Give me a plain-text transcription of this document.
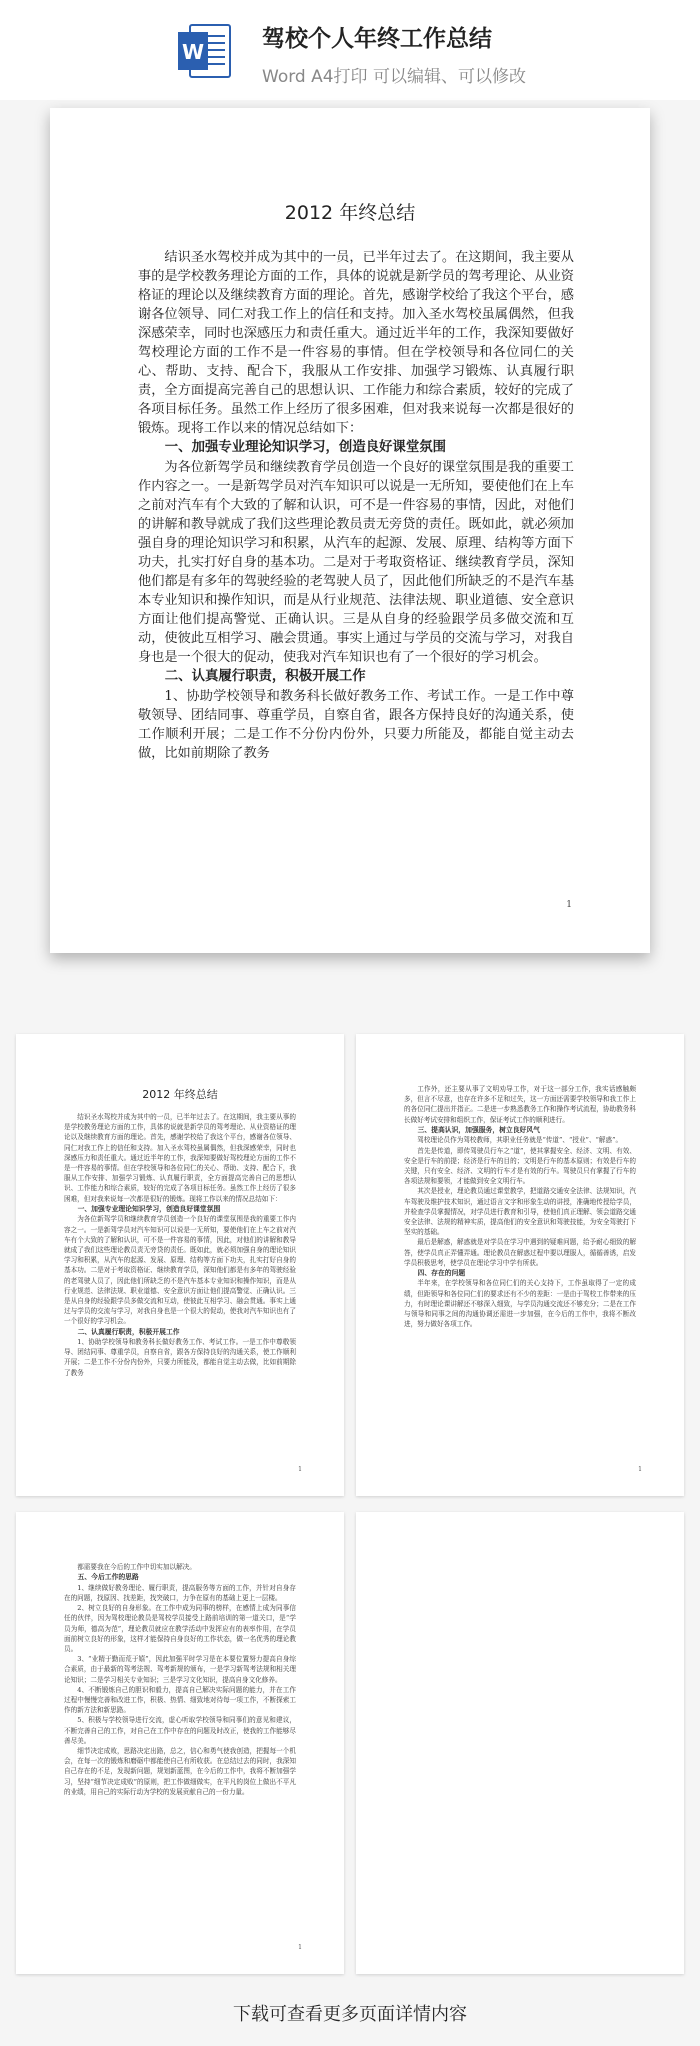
W	驾校个人年终工作总结
Word A4打印 可以编辑、可以修改
2012 年终总结

结识圣水驾校并成为其中的一员，已半年过去了。在这期间，我主要从事的是学校教务理论方面的工作，具体的说就是新学员的驾考理论、从业资格证的理论以及继续教育方面的理论。首先，感谢学校给了我这个平台，感谢各位领导、同仁对我工作上的信任和支持。加入圣水驾校虽属偶然，但我深感荣幸，同时也深感压力和责任重大。通过近半年的工作，我深知要做好驾校理论方面的工作不是一件容易的事情。但在学校领导和各位同仁的关心、帮助、支持、配合下，我服从工作安排、加强学习锻炼、认真履行职责，全方面提高完善自己的思想认识、工作能力和综合素质，较好的完成了各项目标任务。虽然工作上经历了很多困难，但对我来说每一次都是很好的锻炼。现将工作以来的情况总结如下：

一、加强专业理论知识学习，创造良好课堂氛围

为各位新驾学员和继续教育学员创造一个良好的课堂氛围是我的重要工作内容之一。一是新驾学员对汽车知识可以说是一无所知，要使他们在上车之前对汽车有个大致的了解和认识，可不是一件容易的事情，因此，对他们的讲解和教导就成了我们这些理论教员责无旁贷的责任。既如此，就必须加强自身的理论知识学习和积累，从汽车的起源、发展、原理、结构等方面下功夫，扎实打好自身的基本功。二是对于考取资格证、继续教育学员，深知他们都是有多年的驾驶经验的老驾驶人员了，因此他们所缺乏的不是汽车基本专业知识和操作知识，而是从行业规范、法律法规、职业道德、安全意识方面让他们提高警觉、正确认识。三是从自身的经验跟学员多做交流和互动，使彼此互相学习、融会贯通。事实上通过与学员的交流与学习，对我自身也是一个很大的促动，使我对汽车知识也有了一个很好的学习机会。

二、认真履行职责，积极开展工作

1、协助学校领导和教务科长做好教务工作、考试工作。一是工作中尊敬领导、团结同事、尊重学员，自察自省，跟各方保持良好的沟通关系，使工作顺利开展；二是工作不分份内份外，只要力所能及，都能自觉主动去做，比如前期除了教务

1
2012 年终总结

结识圣水驾校并成为其中的一员，已半年过去了。在这期间，我主要从事的是学校教务理论方面的工作，具体的说就是新学员的驾考理论、从业资格证的理论以及继续教育方面的理论。首先，感谢学校给了我这个平台，感谢各位领导、同仁对我工作上的信任和支持。加入圣水驾校虽属偶然，但我深感荣幸，同时也深感压力和责任重大。通过近半年的工作，我深知要做好驾校理论方面的工作不是一件容易的事情。但在学校领导和各位同仁的关心、帮助、支持、配合下，我服从工作安排、加强学习锻炼、认真履行职责，全方面提高完善自己的思想认识、工作能力和综合素质，较好的完成了各项目标任务。虽然工作上经历了很多困难，但对我来说每一次都是很好的锻炼。现将工作以来的情况总结如下：

一、加强专业理论知识学习，创造良好课堂氛围

为各位新驾学员和继续教育学员创造一个良好的课堂氛围是我的重要工作内容之一。一是新驾学员对汽车知识可以说是一无所知，要使他们在上车之前对汽车有个大致的了解和认识，可不是一件容易的事情，因此，对他们的讲解和教导就成了我们这些理论教员责无旁贷的责任。既如此，就必须加强自身的理论知识学习和积累，从汽车的起源、发展、原理、结构等方面下功夫，扎实打好自身的基本功。二是对于考取资格证、继续教育学员，深知他们都是有多年的驾驶经验的老驾驶人员了，因此他们所缺乏的不是汽车基本专业知识和操作知识，而是从行业规范、法律法规、职业道德、安全意识方面让他们提高警觉、正确认识。三是从自身的经验跟学员多做交流和互动，使彼此互相学习、融会贯通。事实上通过与学员的交流与学习，对我自身也是一个很大的促动，使我对汽车知识也有了一个很好的学习机会。

二、认真履行职责，积极开展工作

1、协助学校领导和教务科长做好教务工作、考试工作。一是工作中尊敬领导、团结同事、尊重学员，自察自省，跟各方保持良好的沟通关系，使工作顺利开展；二是工作不分份内份外，只要力所能及，都能自觉主动去做，比如前期除了教务

1

工作外，还主要从事了文明劝导工作，对于这一部分工作，我实话感触颇多，但言不尽意，也存在许多不足和过失，这一方面还需要学校领导和我工作上的各位同仁提出并指正。二是进一步熟悉教务工作和操作考试流程，协助教务科长做好考试安排和组织工作，保证考试工作的顺利进行。

三、提高认识，加强服务，树立良好风气

驾校理论员作为驾校教师，其职业任务就是“传道”、“授业”、“解惑”。

首先是传道，即传驾驶员行车之“道”，使其掌握安全、经济、文明、有效、安全是行车的前提；经济是行车的目的；文明是行车的基本原则；有效是行车的关键，只有安全、经济、文明的行车才是有效的行车。驾驶员只有掌握了行车的各项法规和要领，才能做到安全文明行车。

其次是授业，理论教员通过课堂教学，把道路交通安全法律、法规知识，汽车驾驶及维护技术知识，通过语言文字和形象生动的讲授，准确地传授给学员，并检查学员掌握情况，对学员进行教育和引导，使他们真正理解、领会道路交通安全法律、法规的精神实质，提高他们的安全意识和驾驶技能，为安全驾驶打下坚实的基础。

最后是解惑，解惑就是对学员在学习中遇到的疑难问题，给予耐心细致的解答，使学员真正弄懂弄通。理论教员在解惑过程中要以理服人，循循善诱，启发学员积极思考，使学员在理论学习中学有所获。

四、存在的问题

半年来，在学校领导和各位同仁们的关心支持下，工作虽取得了一定的成绩，但距领导和各位同仁们的要求还有不少的差距：一是由于驾校工作带来的压力，有时理论课讲解还不够深入细致，与学员沟通交流还不够充分；二是在工作与领导和同事之间的沟通协调还需进一步加强，在今后的工作中，我将不断改进，努力做好各项工作。

1

都需要我在今后的工作中切实加以解决。

五、今后工作的思路

1、继续做好教务理论、履行职责，提高服务等方面的工作，并针对自身存在的问题，找原因、找差距，找突破口，力争在原有的基础上更上一层楼。

2、树立良好的自身形象。在工作中成为同事的榜样，在感情上成为同事信任的伙伴，因为驾校理论教员是驾校学员接受上路前培训的第一道关口，是“学员为师，德高为范”，理论教员就应在教学活动中发挥应有的表率作用，在学员面前树立良好的形象，这样才能保持自身良好的工作状态，做一名优秀的理论教员。

3、“业精于勤而荒于嬉”，因此加强平时学习是在本要位置努力提高自身综合素质，由于最新的驾考法规、驾考新规的颁布，一是学习新驾考法规和相关理论知识；二是学习相关专业知识；三是学习文化知识，提高自身文化修养。

4、不断锻炼自己的胆识和毅力，提高自己解决实际问题的能力，并在工作过程中慢慢完善和改进工作，积极、热情、细致地对待每一项工作，不断探索工作的新方法和新思路。

5、积极与学校领导进行交流，虚心听取学校领导和同事们的意见和建议，不断完善自己的工作，对自己在工作中存在的问题及时改正，使我的工作能够尽善尽美。

细节决定成败，思路决定出路，总之，信心和勇气使我创造，把握每一个机会，在每一次的锻炼和磨砺中都能使自己有所收获。在总结过去的同时，我深知自己存在的不足，发现新问题，规划新蓝图，在今后的工作中，我将不断加强学习，坚持“细节决定成败”的原则，把工作做细做实，在平凡的岗位上做出不平凡的业绩，用自己的实际行动为学校的发展贡献自己的一份力量。

1
下载可查看更多页面详情内容
